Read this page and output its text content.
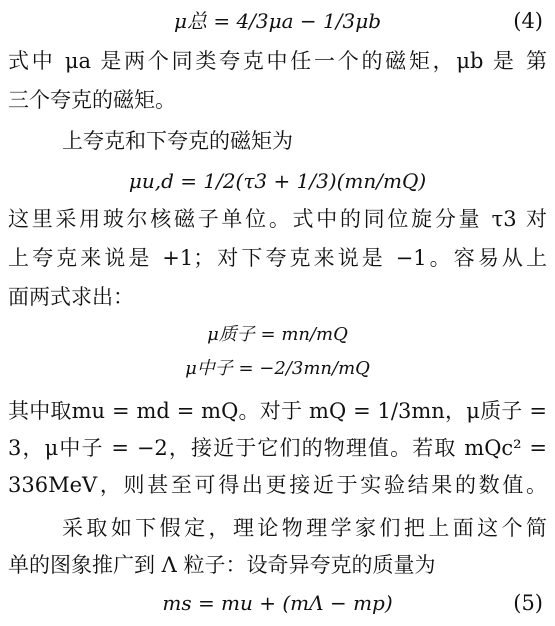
μ总 = 4/3μa − 1/3μb	(4)
式中 μa 是两个同类夸克中任一个的磁矩，μb 是 第
三个夸克的磁矩。
上夸克和下夸克的磁矩为
μu,d = 1/2(τ3 + 1/3)(mn/mQ)
这里采用玻尔核磁子单位。式中的同位旋分量 τ3 对
上夸克来说是 +1；对下夸克来说是 −1。容易从上
面两式求出：
μ质子 = mn/mQ
μ中子 = −2/3mn/mQ
其中取mu = md = mQ。对于 mQ = 1/3mn，μ质子 =
3，μ中子 = −2，接近于它们的物理值。若取 mQc² =
336MeV，则甚至可得出更接近于实验结果的数值。
采取如下假定，理论物理学家们把上面这个简
单的图象推广到 Λ 粒子：设奇异夸克的质量为
ms = mu + (mΛ − mp)	(5)
